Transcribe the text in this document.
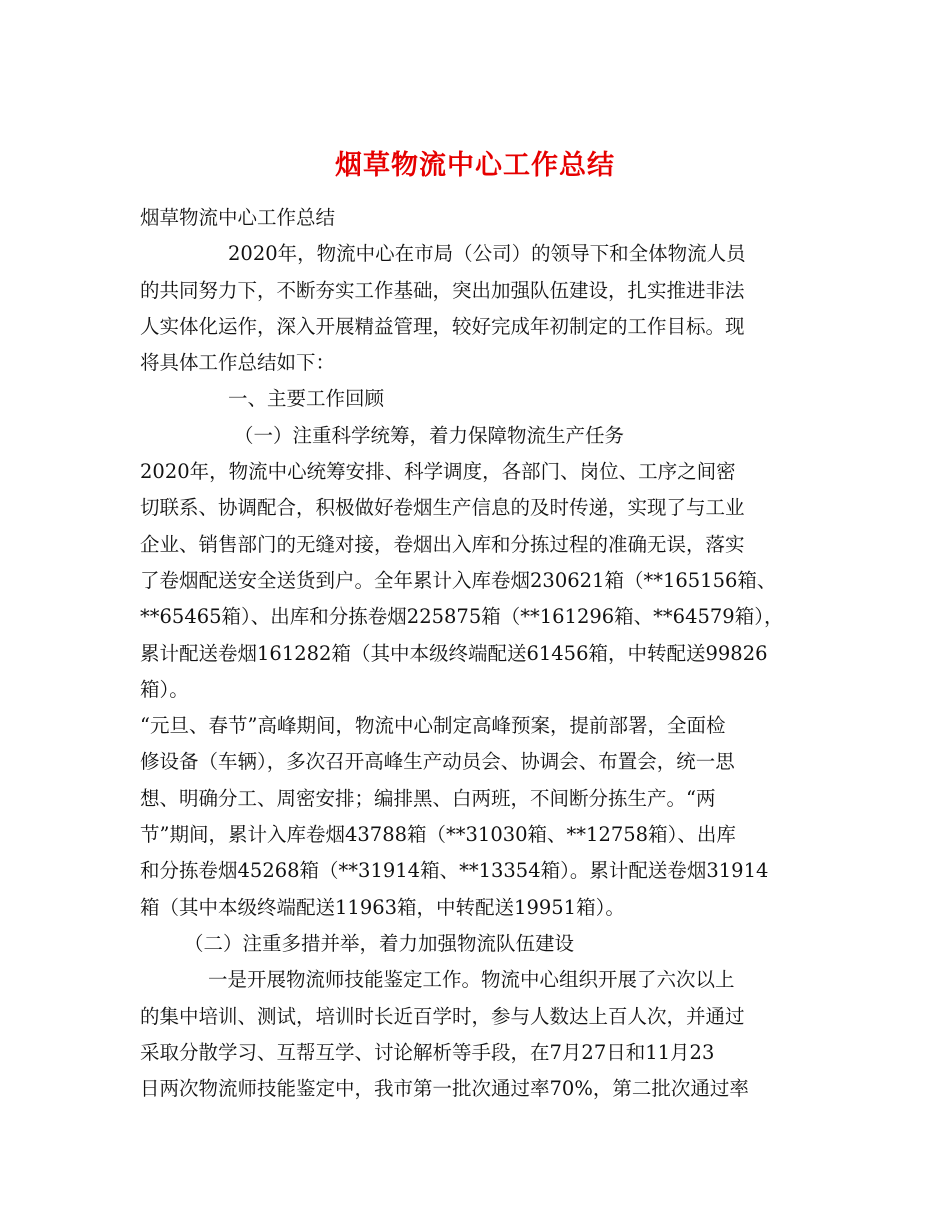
烟草物流中心工作总结

烟草物流中心工作总结

2020年，物流中心在市局（公司）的领导下和全体物流人员

的共同努力下，不断夯实工作基础，突出加强队伍建设，扎实推进非法

人实体化运作，深入开展精益管理，较好完成年初制定的工作目标。现

将具体工作总结如下：

一、主要工作回顾

（一）注重科学统筹，着力保障物流生产任务

2020年，物流中心统筹安排、科学调度，各部门、岗位、工序之间密

切联系、协调配合，积极做好卷烟生产信息的及时传递，实现了与工业

企业、销售部门的无缝对接，卷烟出入库和分拣过程的准确无误，落实

了卷烟配送安全送货到户。全年累计入库卷烟230621箱（**165156箱、

**65465箱）、出库和分拣卷烟225875箱（**161296箱、**64579箱），

累计配送卷烟161282箱（其中本级终端配送61456箱，中转配送99826

箱）。

“元旦、春节”高峰期间，物流中心制定高峰预案，提前部署，全面检

修设备（车辆），多次召开高峰生产动员会、协调会、布置会，统一思

想、明确分工、周密安排；编排黑、白两班，不间断分拣生产。“两

节”期间，累计入库卷烟43788箱（**31030箱、**12758箱）、出库

和分拣卷烟45268箱（**31914箱、**13354箱）。累计配送卷烟31914

箱（其中本级终端配送11963箱，中转配送19951箱）。

（二）注重多措并举，着力加强物流队伍建设

一是开展物流师技能鉴定工作。物流中心组织开展了六次以上

的集中培训、测试，培训时长近百学时，参与人数达上百人次，并通过

采取分散学习、互帮互学、讨论解析等手段，在7月27日和11月23

日两次物流师技能鉴定中，我市第一批次通过率70%，第二批次通过率
